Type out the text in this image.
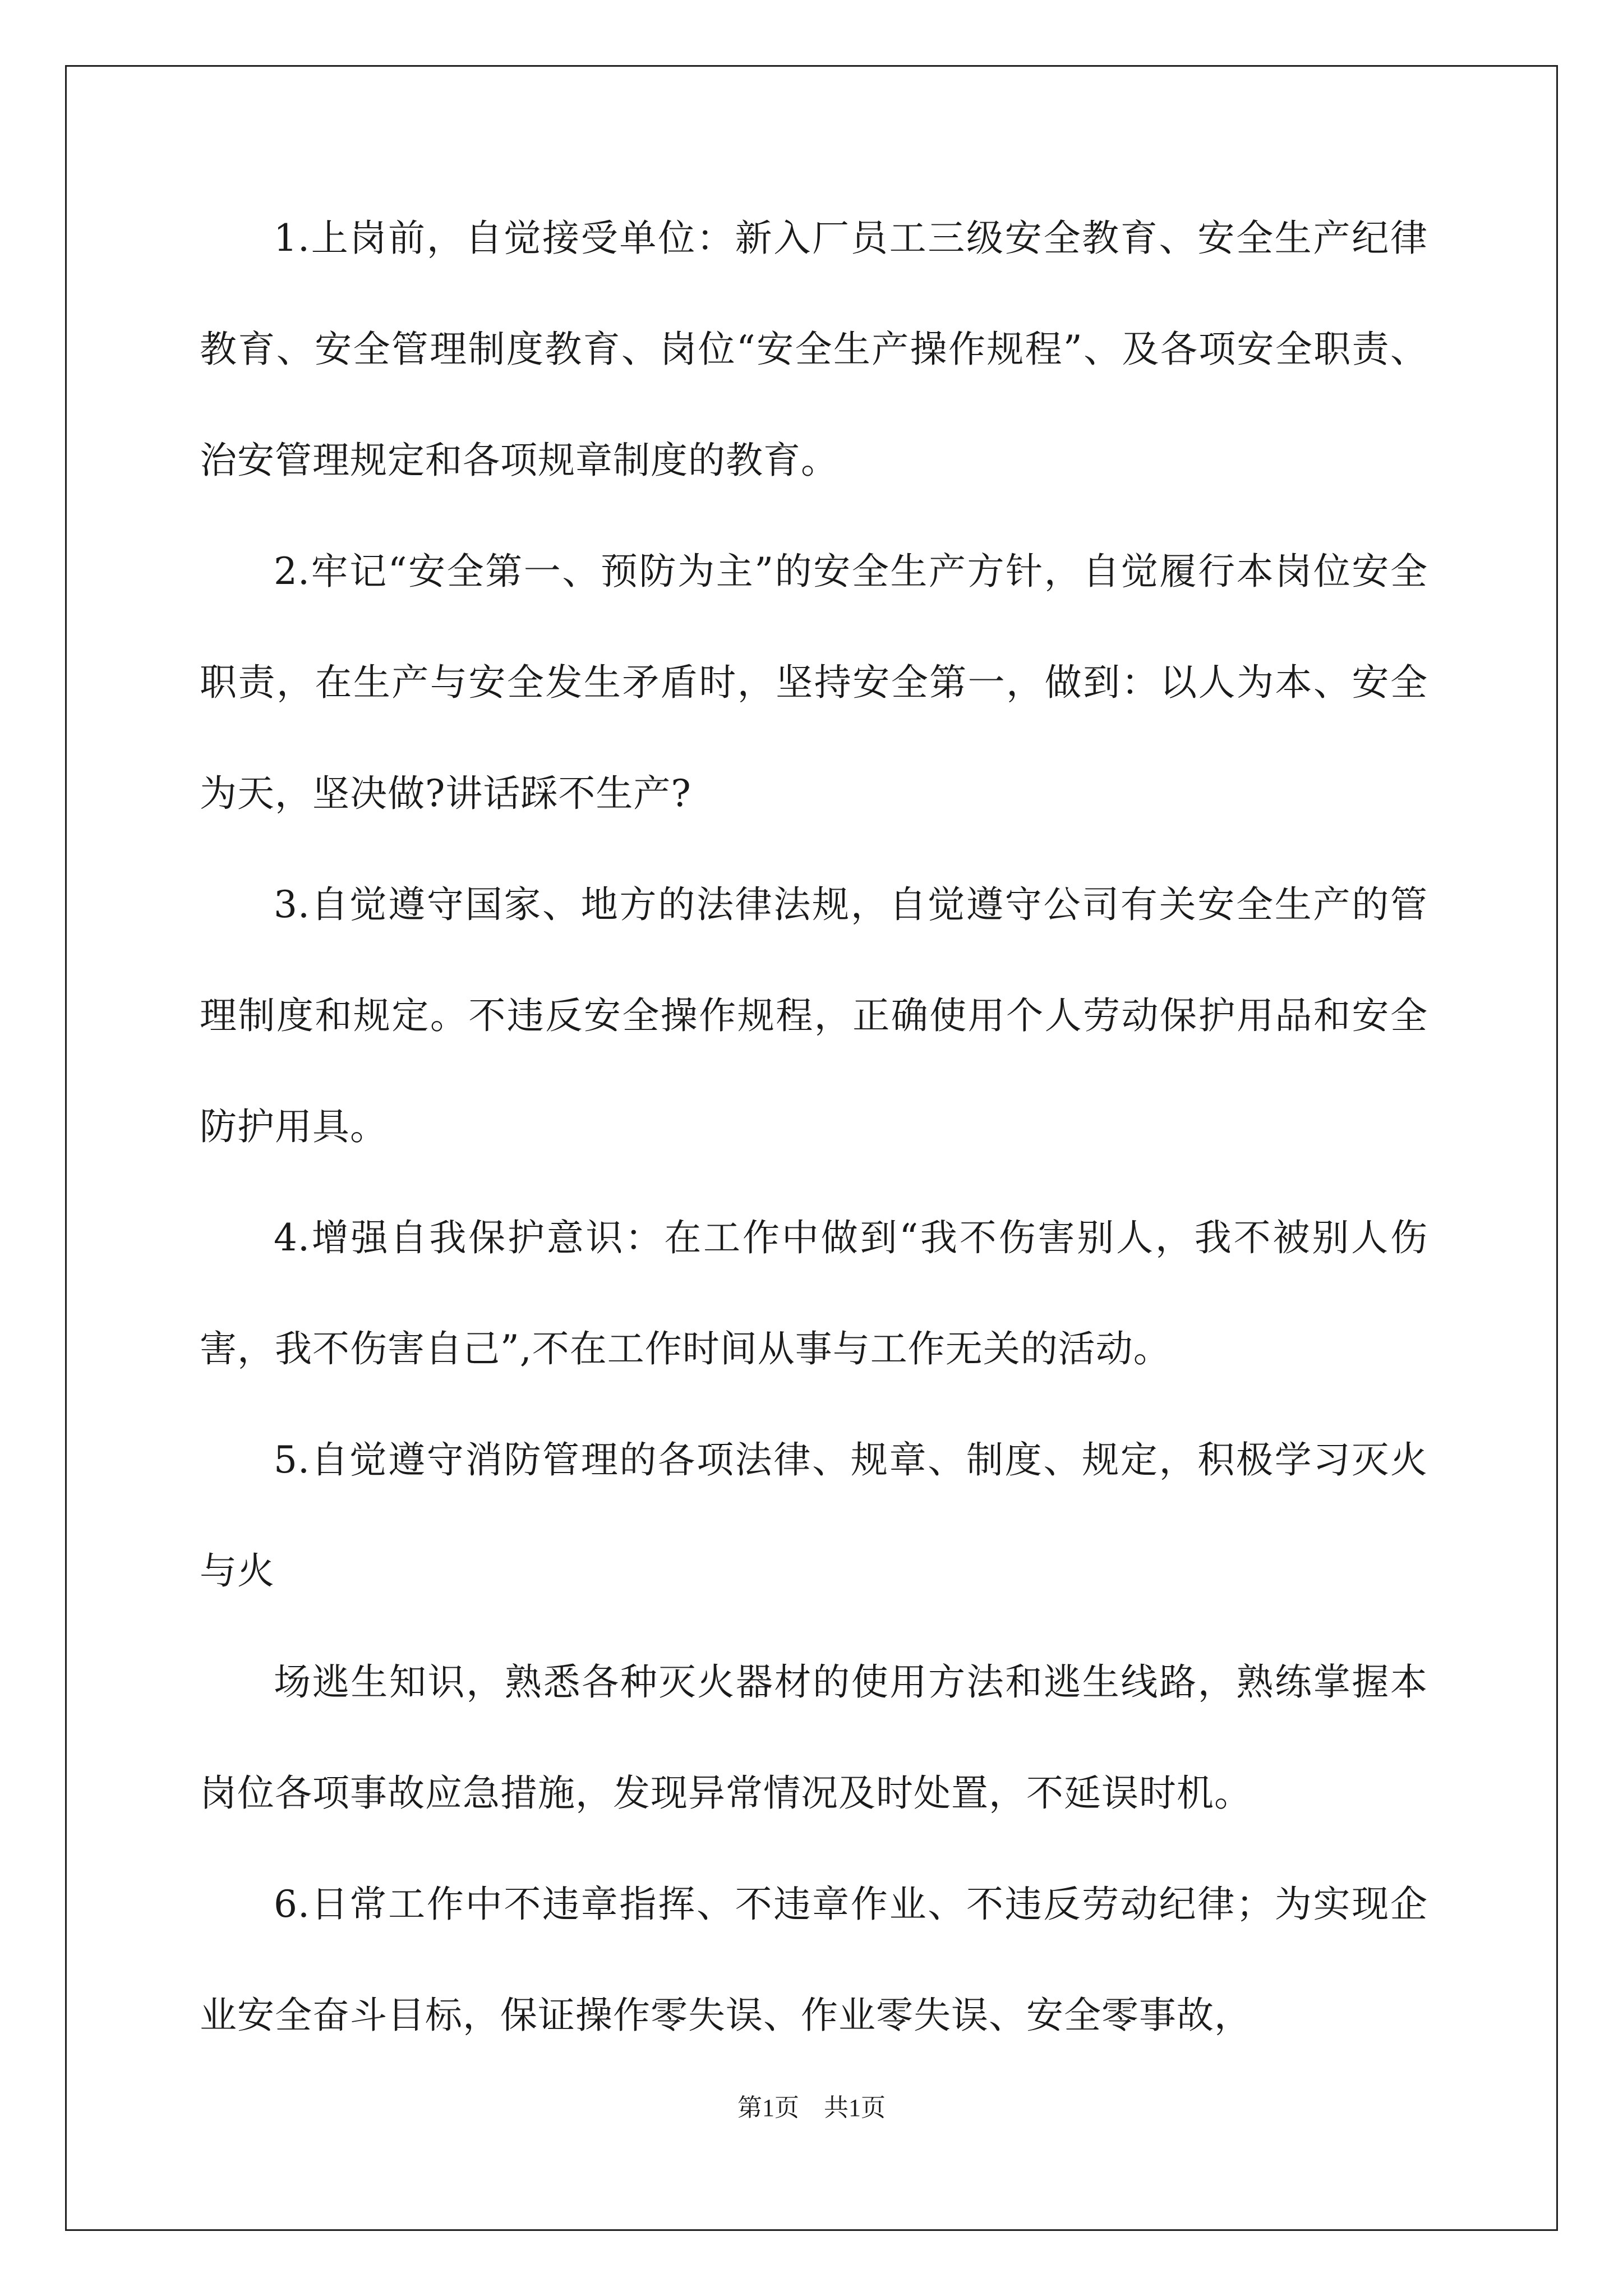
1.上岗前，自觉接受单位：新入厂员工三级安全教育、安全生产纪律教育、安全管理制度教育、岗位“安全生产操作规程”、及各项安全职责、治安管理规定和各项规章制度的教育。

2.牢记“安全第一、预防为主”的安全生产方针，自觉履行本岗位安全职责，在生产与安全发生矛盾时，坚持安全第一，做到：以人为本、安全为天，坚决做?讲话踩不生产?

3.自觉遵守国家、地方的法律法规，自觉遵守公司有关安全生产的管理制度和规定。不违反安全操作规程，正确使用个人劳动保护用品和安全防护用具。

4.增强自我保护意识：在工作中做到“我不伤害别人，我不被别人伤害，我不伤害自己”,不在工作时间从事与工作无关的活动。

5.自觉遵守消防管理的各项法律、规章、制度、规定，积极学习灭火与火

场逃生知识，熟悉各种灭火器材的使用方法和逃生线路，熟练掌握本岗位各项事故应急措施，发现异常情况及时处置，不延误时机。

6.日常工作中不违章指挥、不违章作业、不违反劳动纪律；为实现企业安全奋斗目标，保证操作零失误、作业零失误、安全零事故，

第1页　共1页
